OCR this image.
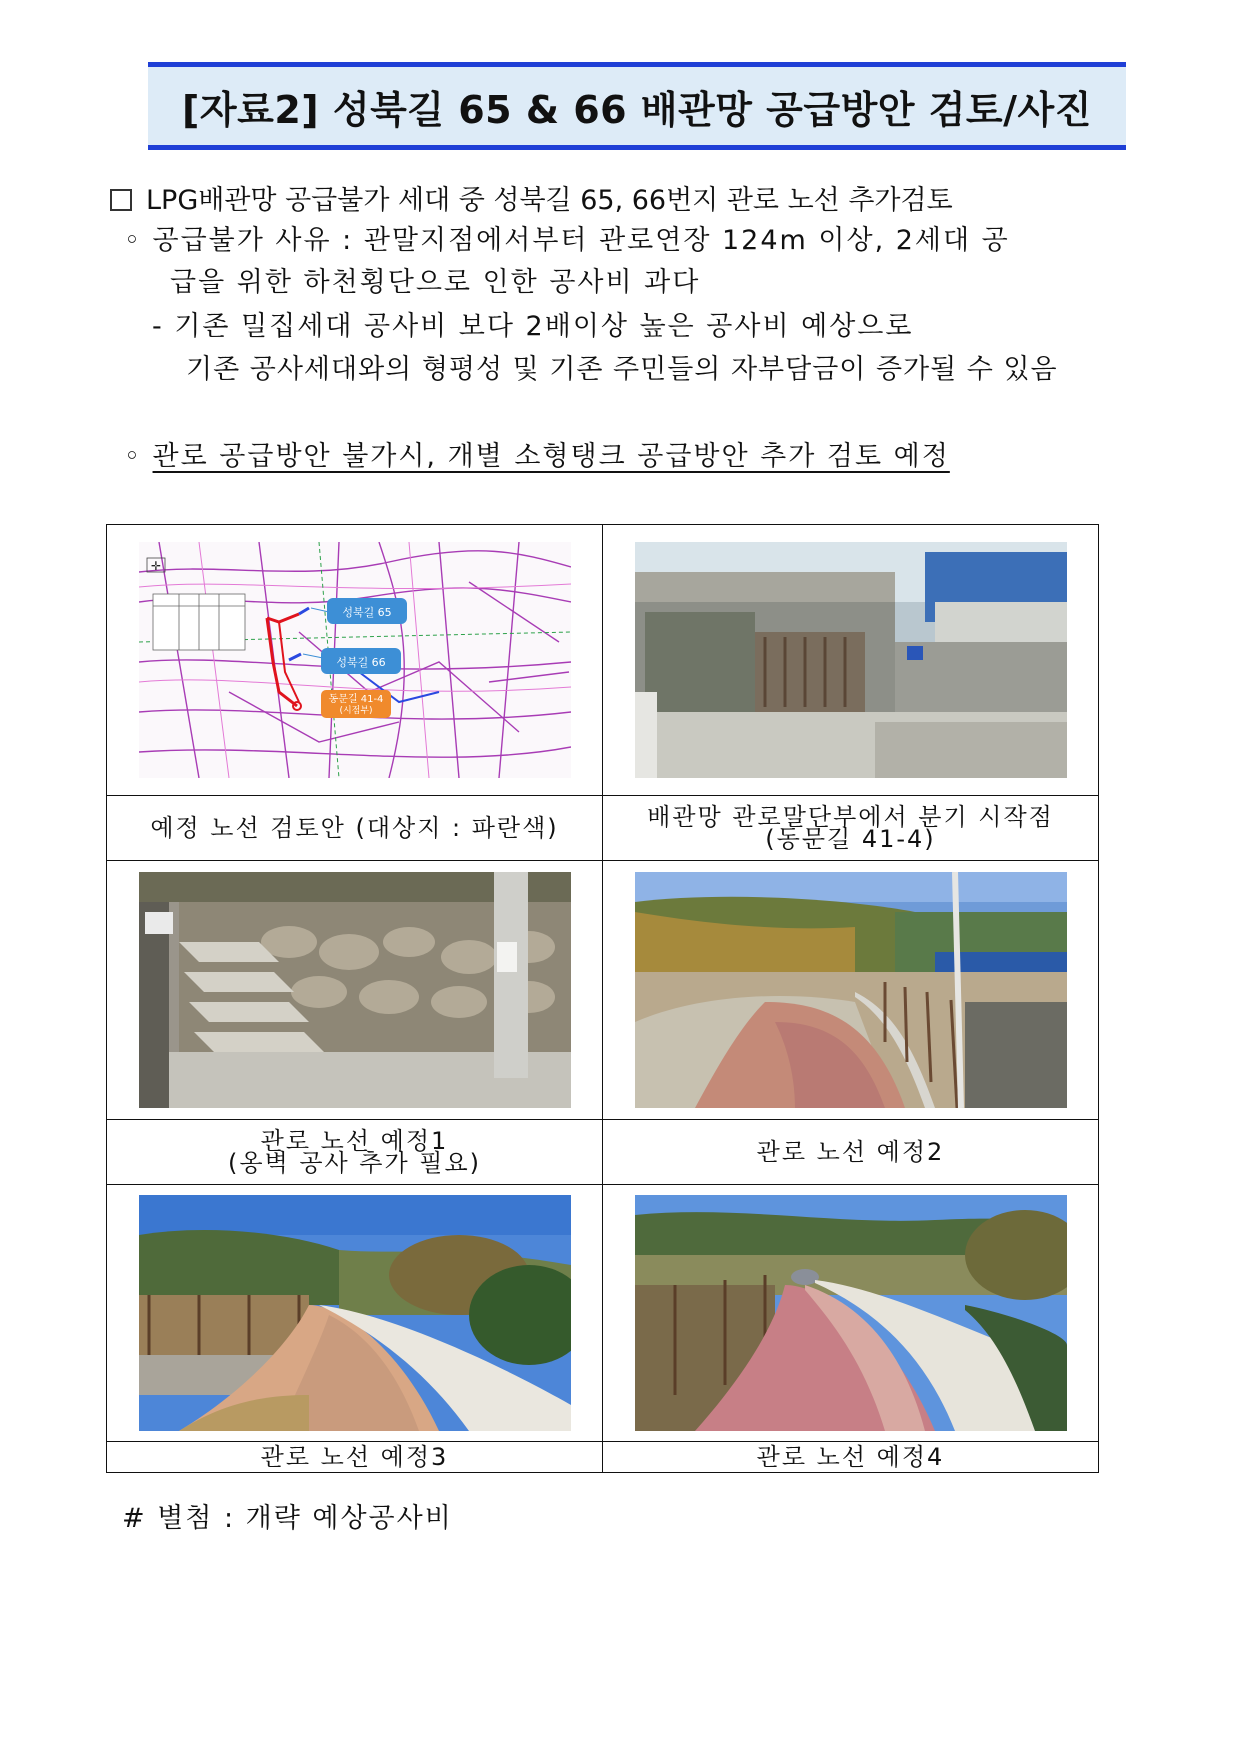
[자료2] 성북길 65 & 66 배관망 공급방안 검토/사진
LPG배관망 공급불가 세대 중 성북길 65, 66번지 관로 노선 추가검토
◦ 공급불가 사유 : 관말지점에서부터 관로연장 124m 이상, 2세대 공
급을 위한 하천횡단으로 인한 공사비 과다
- 기존 밀집세대 공사비 보다 2배이상 높은 공사비 예상으로
기존 공사세대와의 형평성 및 기존 주민들의 자부담금이 증가될 수 있음
◦ 관로 공급방안 불가시, 개별 소형탱크 공급방안 추가 검토 예정
✛
성북길 65
성북길 66
동문길 41-4
(시점부)

예정 노선 검토안 (대상지 : 파란색)	배관망 관로말단부에서 분기 시작점
(동문길 41-4)

관로 노선 예정1
(옹벽 공사 추가 필요)	관로 노선 예정2

관로 노선 예정3	관로 노선 예정4
# 별첨 : 개략 예상공사비
